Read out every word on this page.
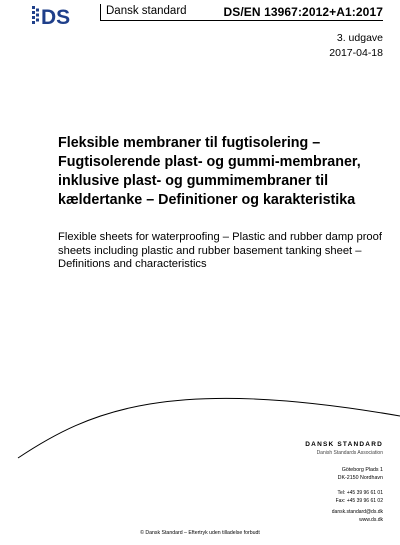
DS	Dansk standard	DS/EN 13967:2012+A1:2017
3. udgave
2017-04-18
Fleksible membraner til fugtisolering – Fugtisolerende plast- og gummi-membraner, inklusive plast- og gummimembraner til kældertanke – Definitioner og karakteristika
Flexible sheets for waterproofing – Plastic and rubber damp proof sheets including plastic and rubber basement tanking sheet – Definitions and characteristics
DANSK STANDARD
Danish Standards Association
Göteborg Plads 1
DK-2150 Nordhavn
Tel: +45 39 96 61 01
Fax: +45 39 96 61 02
dansk.standard@ds.dk
www.ds.dk
© Dansk Standard – Eftertryk uden tilladelse forbudt
